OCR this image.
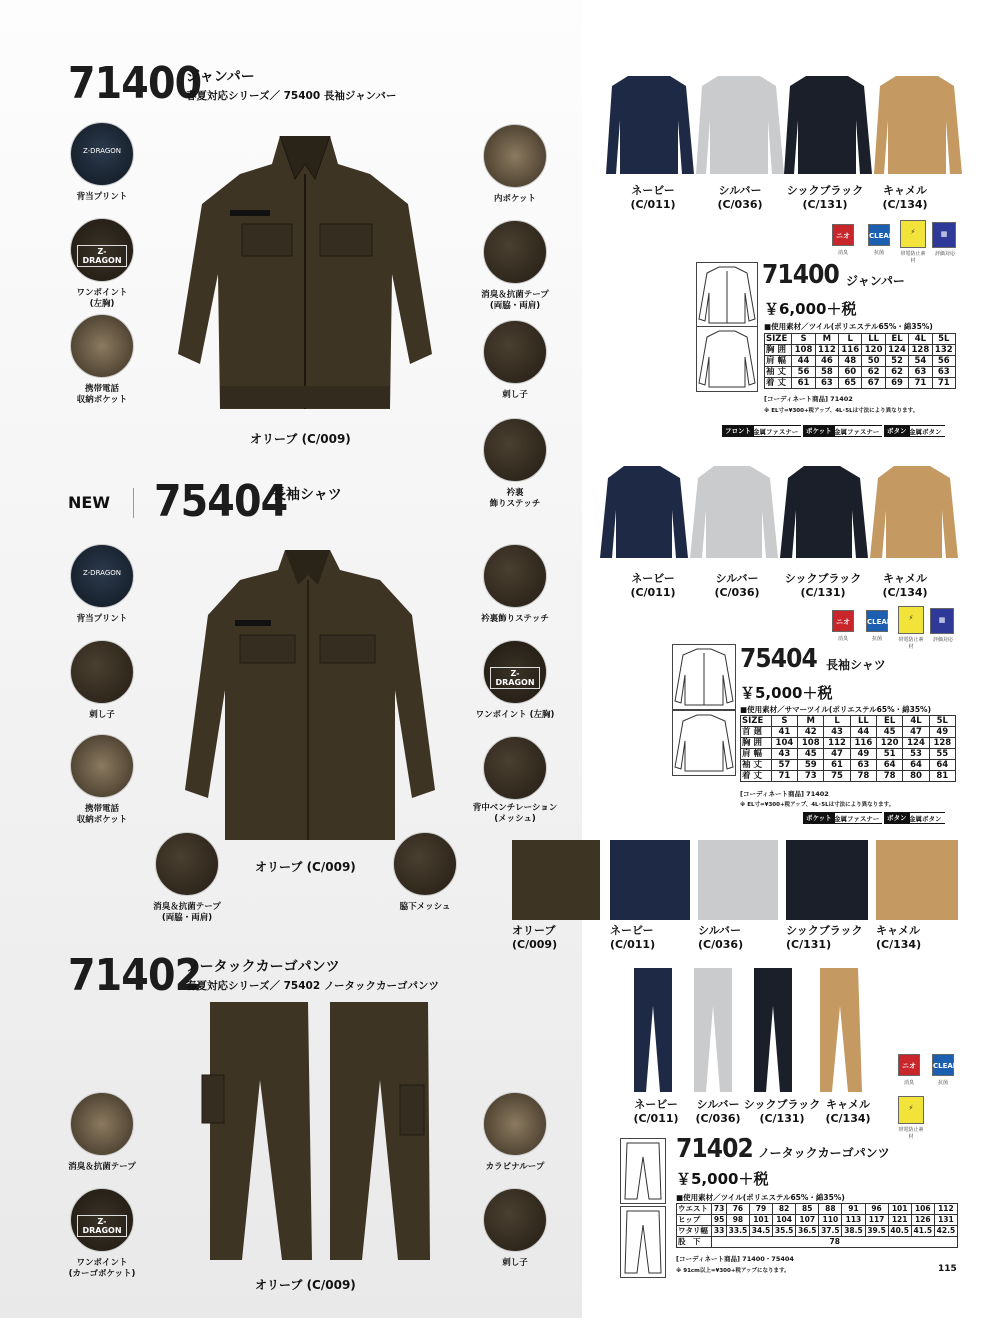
71400
ジャンパー
春夏対応シリーズ／ 75400 長袖ジャンバー
オリーブ (C/009)
Z-DRAGON
背当プリント
Z-DRAGON
ワンポイント
(左胸)
携帯電話
収納ポケット
内ポケット
消臭＆抗菌テープ
(両脇・両肩)
刺し子
衿裏
飾りステッチ
NEW	75404
長袖シャツ
オリーブ (C/009)
Z-DRAGON
背当プリント
刺し子
携帯電話
収納ポケット
衿裏飾りステッチ
Z-DRAGON
ワンポイント (左胸)
背中ベンチレーション
(メッシュ)
消臭＆抗菌テープ
(両脇・両肩)
脇下メッシュ
71402
ノータックカーゴパンツ
春夏対応シリーズ／ 75402 ノータックカーゴパンツ
オリーブ (C/009)
消臭＆抗菌テープ
Z-DRAGON
ワンポイント
(カーゴポケット)
カラビナループ
刺し子
ネービー
(C/011)
シルバー
(C/036)
シックブラック
(C/131)
キャメル
(C/134)
ニオイ
CLEAN	⚡	▦
消臭	抗菌	帯電防止素材
評価対応
71400 ジャンパー
￥6,000＋税
■使用素材／ツイル(ポリエステル65%・綿35%)
SIZE	S	M	L	LL	EL	4L	5L
胸 囲	108	112	116	120	124	128	132
肩 幅	44	46	48	50	52	54	56
袖 丈	56	58	60	62	62	63	63
着 丈	61	63	65	67	69	71	71
[コーディネート商品] 71402
※ EL寸=¥300+税アップ、4L･5Lは寸法により異なります。
フロント 金属ファスナー	ポケット 金属ファスナー	ボタン 金属ボタン
ネービー
(C/011)
シルバー
(C/036)
シックブラック
(C/131)
キャメル
(C/134)
ニオイ
CLEAN	⚡	▦
消臭	抗菌	帯電防止素材
評価対応
75404 長袖シャツ
￥5,000＋税
■使用素材／サマーツイル(ポリエステル65%・綿35%)
SIZE	S	M	L	LL	EL	4L	5L
首 廻	41	42	43	44	45	47	49
胸 囲	104	108	112	116	120	124	128
肩 幅	43	45	47	49	51	53	55
袖 丈	57	59	61	63	64	64	64
着 丈	71	73	75	78	78	80	81
[コーディネート商品] 71402
※ EL寸=¥300+税アップ、4L･5Lは寸法により異なります。
ポケット 金属ファスナー	ボタン 金属ボタン
オリーブ
(C/009)
ネービー
(C/011)
シルバー
(C/036)
シックブラック
(C/131)
キャメル
(C/134)
ネービー
(C/011)
シルバー
(C/036)
シックブラック
(C/131)
キャメル
(C/134)
ニオイ
CLEAN
消臭	抗菌
⚡
帯電防止素材
71402 ノータックカーゴパンツ
￥5,000＋税
■使用素材／ツイル(ポリエステル65%・綿35%)
ウエスト	73	76	79	82	85	88	91	96	101	106	112
ヒップ	95	98	101	104	107	110	113	117	121	126	131
ワタリ幅	33	33.5	34.5	35.5	36.5	37.5	38.5	39.5	40.5	41.5	42.5
股　下	78										
[コーディネート商品] 71400・75404
※ 91cm以上=¥300+税アップになります。	115
